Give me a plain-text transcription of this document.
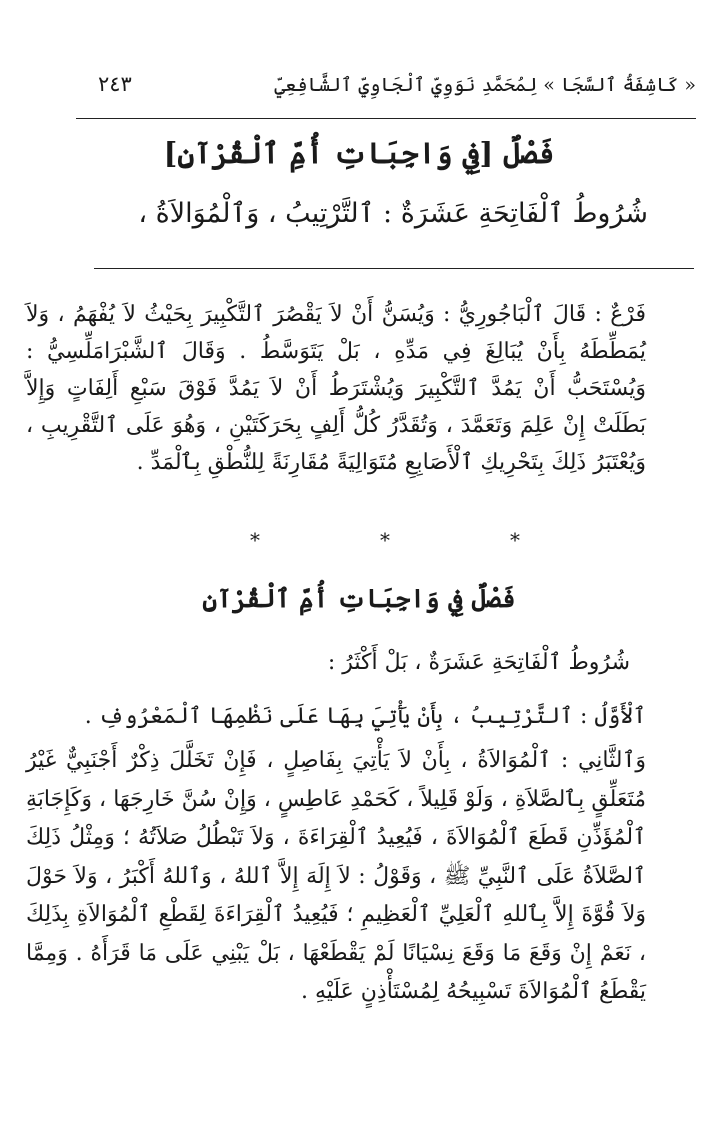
« كَاشِفَةُ ٱلسَّجَا » لِمُحَمَّدِ نَوَوِيِّ ٱلْجَاوِيِّ ٱلشَّافِعِيِّ
٢٤٣
فَصْلٌ [فِي وَاجِبَاتِ أُمِّ ٱلْقُرْآنِ]
شُرُوطُ ٱلْفَاتِحَةِ عَشَرَةٌ : ٱلتَّرْتِيبُ ، وَٱلْمُوَالاَةُ ،
فَرْعٌ : قَالَ ٱلْبَاجُورِيُّ : وَيُسَنُّ أَنْ لاَ يَقْصُرَ ٱلتَّكْبِيرَ بِحَيْثُ لاَ يُفْهَمُ ، وَلاَ يُمَطِّطَهُ بِأَنْ يُبَالِغَ فِي مَدِّهِ ، بَلْ يَتَوَسَّطُ . وَقَالَ ٱلشَّبْرَامَلِّسِيُّ : وَيُسْتَحَبُّ أَنْ يَمُدَّ ٱلتَّكْبِيرَ وَيُشْتَرَطُ أَنْ لاَ يَمُدَّ فَوْقَ سَبْعِ أَلِفَاتٍ وَإِلاَّ بَطَلَتْ إِنْ عَلِمَ وَتَعَمَّدَ ، وَتُقَدَّرُ كُلُّ أَلِفٍ بِحَرَكَتَيْنِ ، وَهُوَ عَلَى ٱلتَّقْرِيبِ ، وَيُعْتَبَرُ ذَلِكَ بِتَحْرِيكِ ٱلْأَصَابِعِ مُتَوَالِيَةً مُقَارِنَةً لِلنُّطْقِ بِٱلْمَدِّ .
*	*	*
فَصْلٌ فِي وَاجِبَاتِ أُمِّ ٱلْقُرْآنِ
شُرُوطُ ٱلْفَاتِحَةِ عَشَرَةٌ ، بَلْ أَكْثَرُ :
ٱلْأَوَّلُ : ٱلتَّرْتِيبُ ، بِأَنْ يَأْتِيَ بِهَا عَلَى نَظْمِهَا ٱلْمَعْرُوفِ .
وَٱلثَّانِي : ٱلْمُوَالاَةُ ، بِأَنْ لاَ يَأْتِيَ بِفَاصِلٍ ، فَإِنْ تَخَلَّلَ ذِكْرٌ أَجْنَبِيٌّ غَيْرُ مُتَعَلِّقٍ بِٱلصَّلاَةِ ، وَلَوْ قَلِيلاً ، كَحَمْدِ عَاطِسٍ ، وَإِنْ سُنَّ خَارِجَهَا ، وَكَإِجَابَةِ ٱلْمُؤَذِّنِ قَطَعَ ٱلْمُوَالاَةَ ، فَيُعِيدُ ٱلْقِرَاءَةَ ، وَلاَ تَبْطُلُ صَلاَتُهُ ؛ وَمِثْلُ ذَلِكَ ٱلصَّلاَةُ عَلَى ٱلنَّبِيِّ ﷺ ، وَقَوْلُ : لاَ إِلَهَ إِلاَّ ٱللهُ ، وَٱللهُ أَكْبَرُ ، وَلاَ حَوْلَ وَلاَ قُوَّةَ إِلاَّ بِٱللهِ ٱلْعَلِيِّ ٱلْعَظِيمِ ؛ فَيُعِيدُ ٱلْقِرَاءَةَ لِقَطْعِ ٱلْمُوَالاَةِ بِذَلِكَ ، نَعَمْ إِنْ وَقَعَ مَا وَقَعَ نِسْيَانًا لَمْ يَقْطَعْهَا ، بَلْ يَبْنِي عَلَى مَا قَرَأَهُ . وَمِمَّا يَقْطَعُ ٱلْمُوَالاَةَ تَسْبِيحُهُ لِمُسْتَأْذِنٍ عَلَيْهِ .
